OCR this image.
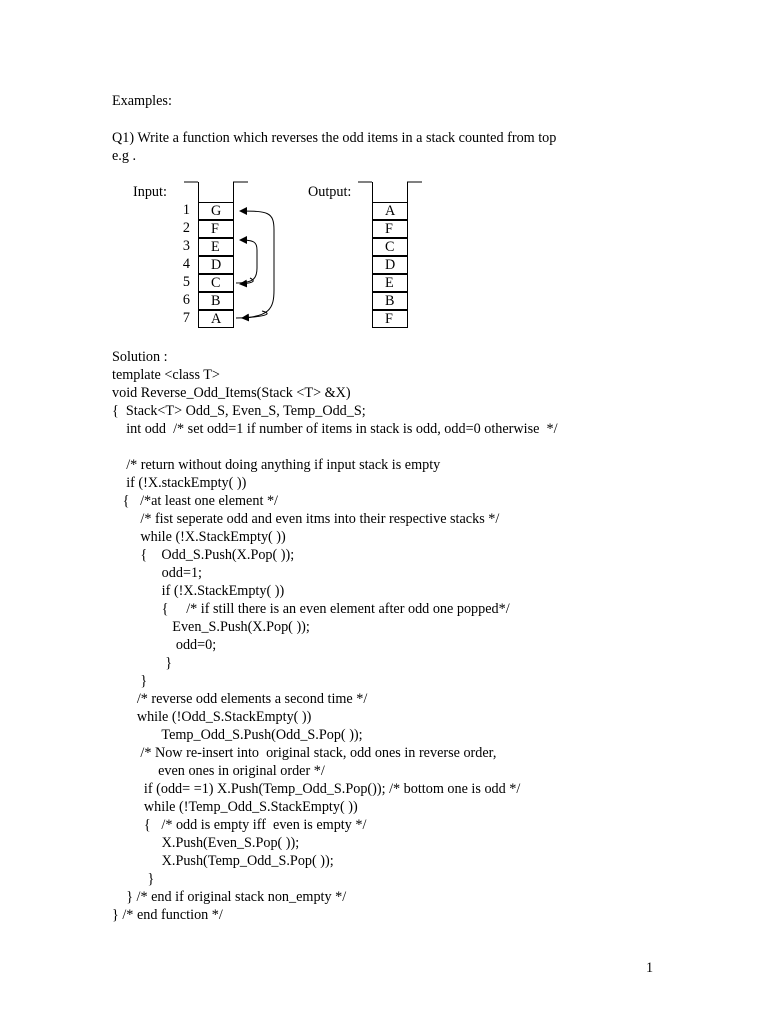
Examples:
Q1) Write a function which reverses the odd items in a stack counted from top
e.g .
Input:	Output:
1
2
3
4
5
6
7
G
F
E
D
C
B
A
A
F
C
D
E
B
F
Solution :
template <class T>
void Reverse_Odd_Items(Stack <T> &X)
{  Stack<T> Odd_S, Even_S, Temp_Odd_S;
int odd  /* set odd=1 if number of items in stack is odd, odd=0 otherwise  */
/* return without doing anything if input stack is empty
if (!X.stackEmpty( ))
{   /*at least one element */
/* fist seperate odd and even itms into their respective stacks */
while (!X.StackEmpty( ))
{    Odd_S.Push(X.Pop( ));
odd=1;
if (!X.StackEmpty( ))
{     /* if still there is an even element after odd one popped*/
Even_S.Push(X.Pop( ));
odd=0;
}
}
/* reverse odd elements a second time */
while (!Odd_S.StackEmpty( ))
Temp_Odd_S.Push(Odd_S.Pop( ));
/* Now re-insert into  original stack, odd ones in reverse order,
even ones in original order */
if (odd= =1) X.Push(Temp_Odd_S.Pop()); /* bottom one is odd */
while (!Temp_Odd_S.StackEmpty( ))
{   /* odd is empty iff  even is empty */
X.Push(Even_S.Pop( ));
X.Push(Temp_Odd_S.Pop( ));
}
} /* end if original stack non_empty */
} /* end function */
1
